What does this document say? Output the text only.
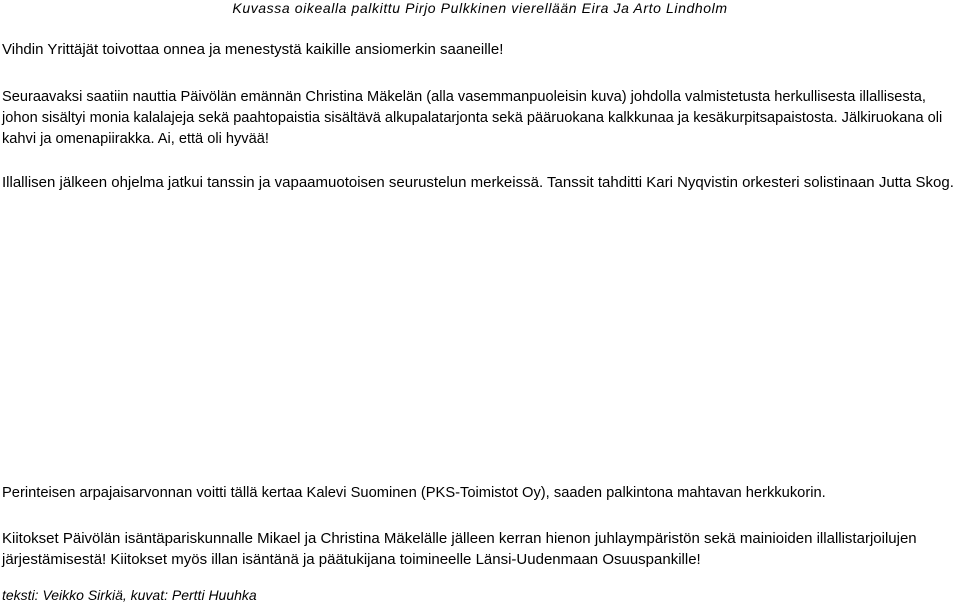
Kuvassa oikealla palkittu Pirjo Pulkkinen vierellään Eira Ja Arto Lindholm

Vihdin Yrittäjät toivottaa onnea ja menestystä kaikille ansiomerkin saaneille!

Seuraavaksi saatiin nauttia Päivölän emännän Christina Mäkelän (alla vasemmanpuoleisin kuva) johdolla valmistetusta herkullisesta illallisesta, johon sisältyi monia kalalajeja sekä paahtopaistia sisältävä alkupalatarjonta sekä pääruokana kalkkunaa ja kesäkurpitsapaistosta. Jälkiruokana oli kahvi ja omenapiirakka. Ai, että oli hyvää!

Illallisen jälkeen ohjelma jatkui tanssin ja vapaamuotoisen seurustelun merkeissä. Tanssit tahditti Kari Nyqvistin orkesteri solistinaan Jutta Skog.

Perinteisen arpajaisarvonnan voitti tällä kertaa Kalevi Suominen (PKS-Toimistot Oy), saaden palkintona mahtavan herkkukorin.

Kiitokset Päivölän isäntäpariskunnalle Mikael ja Christina Mäkelälle jälleen kerran hienon juhlaympäristön sekä mainioiden illallistarjoilujen järjestämisestä! Kiitokset myös illan isäntänä ja päätukijana toimineelle Länsi-Uudenmaan Osuuspankille!

teksti: Veikko Sirkiä, kuvat: Pertti Huuhka
